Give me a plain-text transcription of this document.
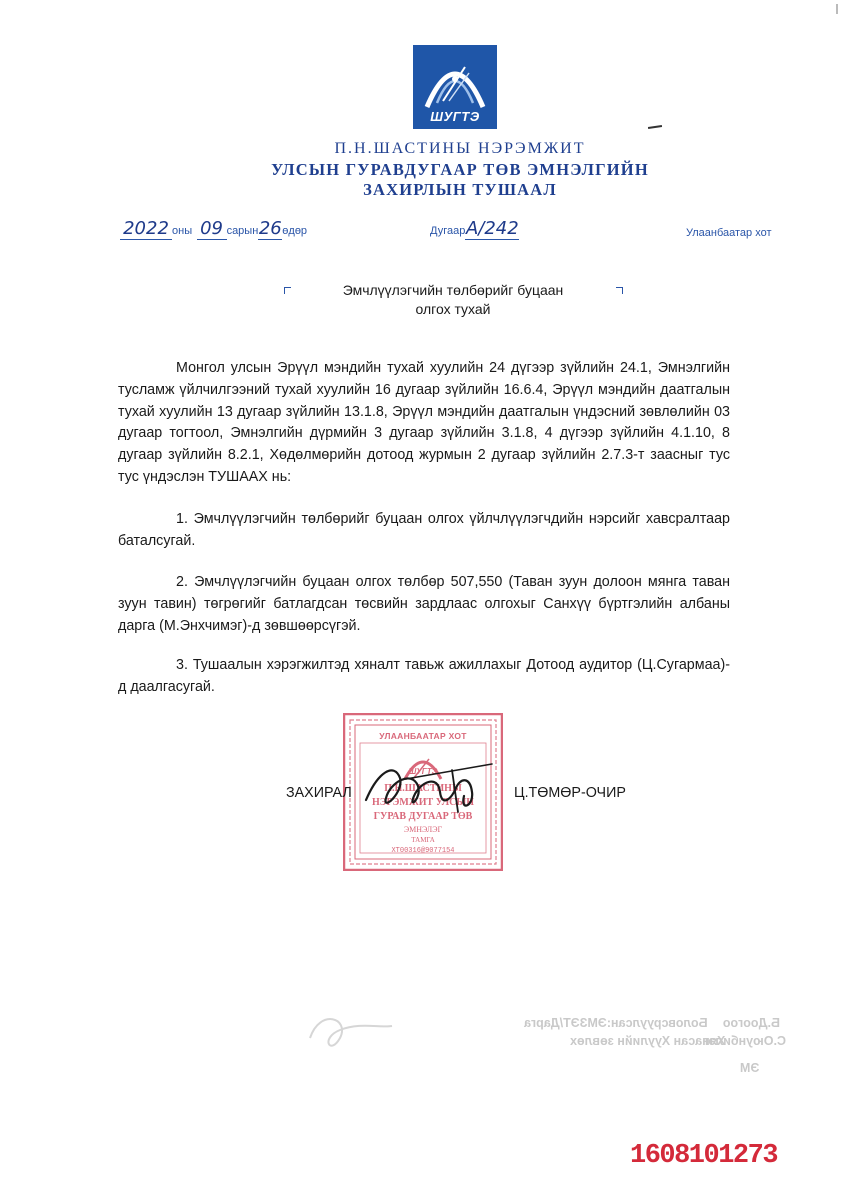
ШУГТЭ
П.Н.ШАСТИНЫ НЭРЭМЖИТ
УЛСЫН ГУРАВДУГААР ТӨВ ЭМНЭЛГИЙН
ЗАХИРЛЫН ТУШААЛ
2022 оны 09 сарын26өдөр	ДугаарА/242	Улаанбаатар хот
Эмчлүүлэгчийн төлбөрийг буцаан
олгох тухай
Монгол улсын Эрүүл мэндийн тухай хуулийн 24 дүгээр зүйлийн 24.1, Эмнэлгийн тусламж үйлчилгээний тухай хуулийн 16 дугаар зүйлийн 16.6.4, Эрүүл мэндийн даатгалын тухай хуулийн 13 дугаар зүйлийн 13.1.8, Эрүүл мэндийн даатгалын үндэсний зөвлөлийн 03 дугаар тогтоол, Эмнэлгийн дүрмийн 3 дугаар зүйлийн 3.1.8, 4 дүгээр зүйлийн 4.1.10, 8 дугаар зүйлийн 8.2.1, Хөдөлмөрийн дотоод журмын 2 дугаар зүйлийн 2.7.3-т заасныг тус тус үндэслэн ТУШААХ нь:
1. Эмчлүүлэгчийн төлбөрийг буцаан олгох үйлчлүүлэгчдийн нэрсийг хавсралтаар баталсугай.
2. Эмчлүүлэгчийн буцаан олгох төлбөр 507,550 (Таван зуун долоон мянга таван зуун тавин) төгрөгийг батлагдсан төсвийн зардлаас олгохыг Санхүү бүртгэлийн албаны дарга (М.Энхчимэг)-д зөвшөөрсүгэй.
3. Тушаалын хэрэгжилтэд хяналт тавьж ажиллахыг Дотоод аудитор (Ц.Сугармаа)-д даалгасугай.
УЛААНБААТАР ХОТ
ШУГТЭ
П.Н.ШАСТИНЫ
НЭРЭМЖИТ УЛСЫН
ГУРАВ ДУГААР ТӨВ
ЭМНЭЛЭГ
ТАМГА
ХТ00316@9077154
ЗАХИРАЛ	Ц.ТӨМӨР-ОЧИР
Боловсруулсан:ЭМЗЭТ/Дарга
Хянасан Хуулийн зөвлөх
ЭМ
Б.Доогоо
С.Оюунбилэг
1608101273
